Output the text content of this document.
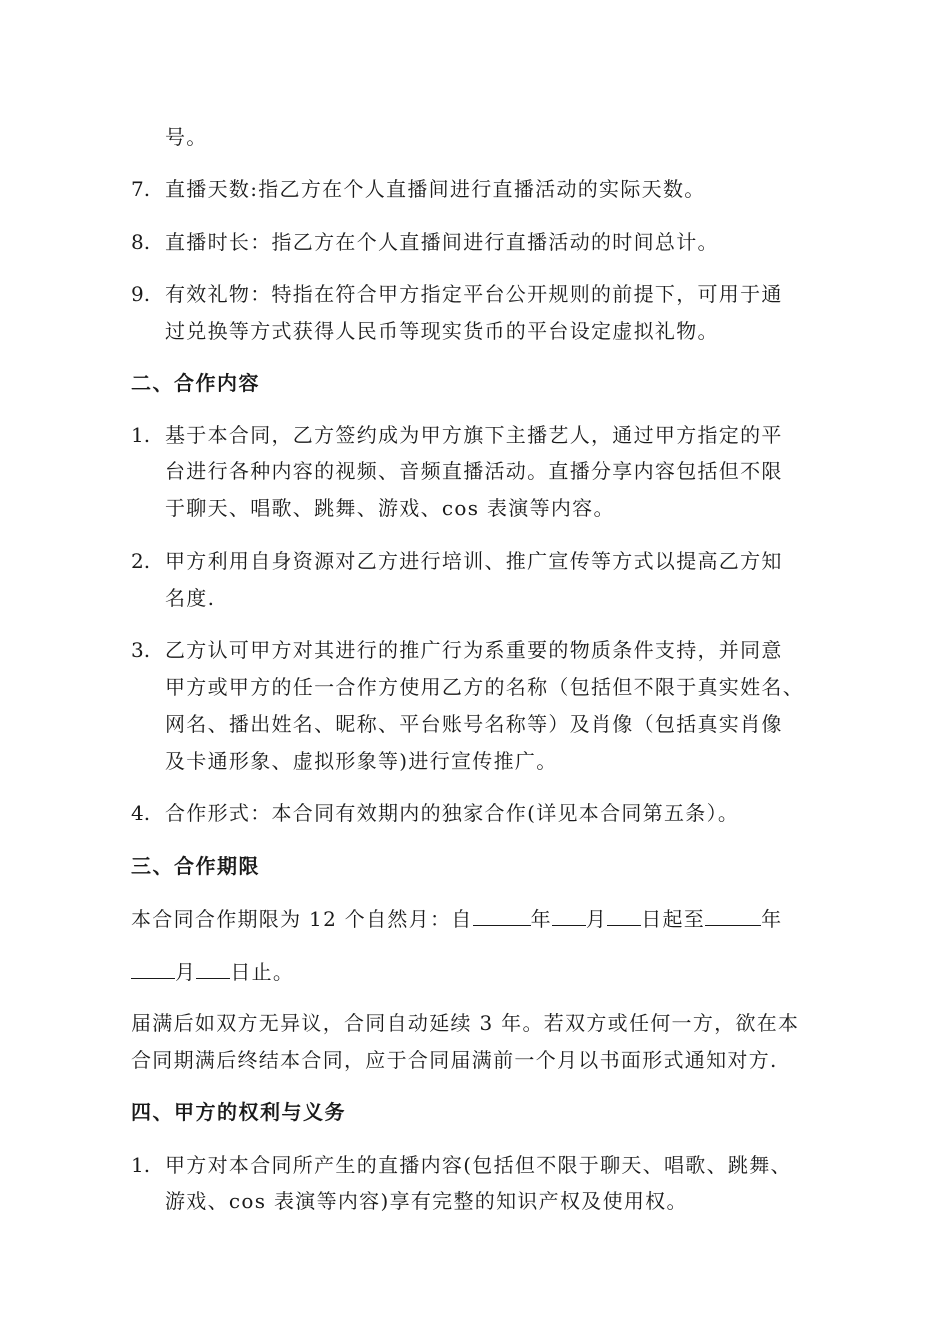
号。
7. 直播天数:指乙方在个人直播间进行直播活动的实际天数。
8. 直播时长：指乙方在个人直播间进行直播活动的时间总计。
9. 有效礼物：特指在符合甲方指定平台公开规则的前提下，可用于通
过兑换等方式获得人民币等现实货币的平台设定虚拟礼物。
二、合作内容
1. 基于本合同，乙方签约成为甲方旗下主播艺人，通过甲方指定的平
台进行各种内容的视频、音频直播活动。直播分享内容包括但不限
于聊天、唱歌、跳舞、游戏、cos 表演等内容。
2. 甲方利用自身资源对乙方进行培训、推广宣传等方式以提高乙方知
名度.
3. 乙方认可甲方对其进行的推广行为系重要的物质条件支持，并同意
甲方或甲方的任一合作方使用乙方的名称（包括但不限于真实姓名、
网名、播出姓名、昵称、平台账号名称等）及肖像（包括真实肖像
及卡通形象、虚拟形象等)进行宣传推广。
4. 合作形式：本合同有效期内的独家合作(详见本合同第五条）。
三、合作期限
本合同合作期限为 12 个自然月：自	年 月 日起至	年
月 日止。
届满后如双方无异议，合同自动延续 3 年。若双方或任何一方，欲在本
合同期满后终结本合同，应于合同届满前一个月以书面形式通知对方.
四、甲方的权利与义务
1. 甲方对本合同所产生的直播内容(包括但不限于聊天、唱歌、跳舞、
游戏、cos 表演等内容)享有完整的知识产权及使用权。
